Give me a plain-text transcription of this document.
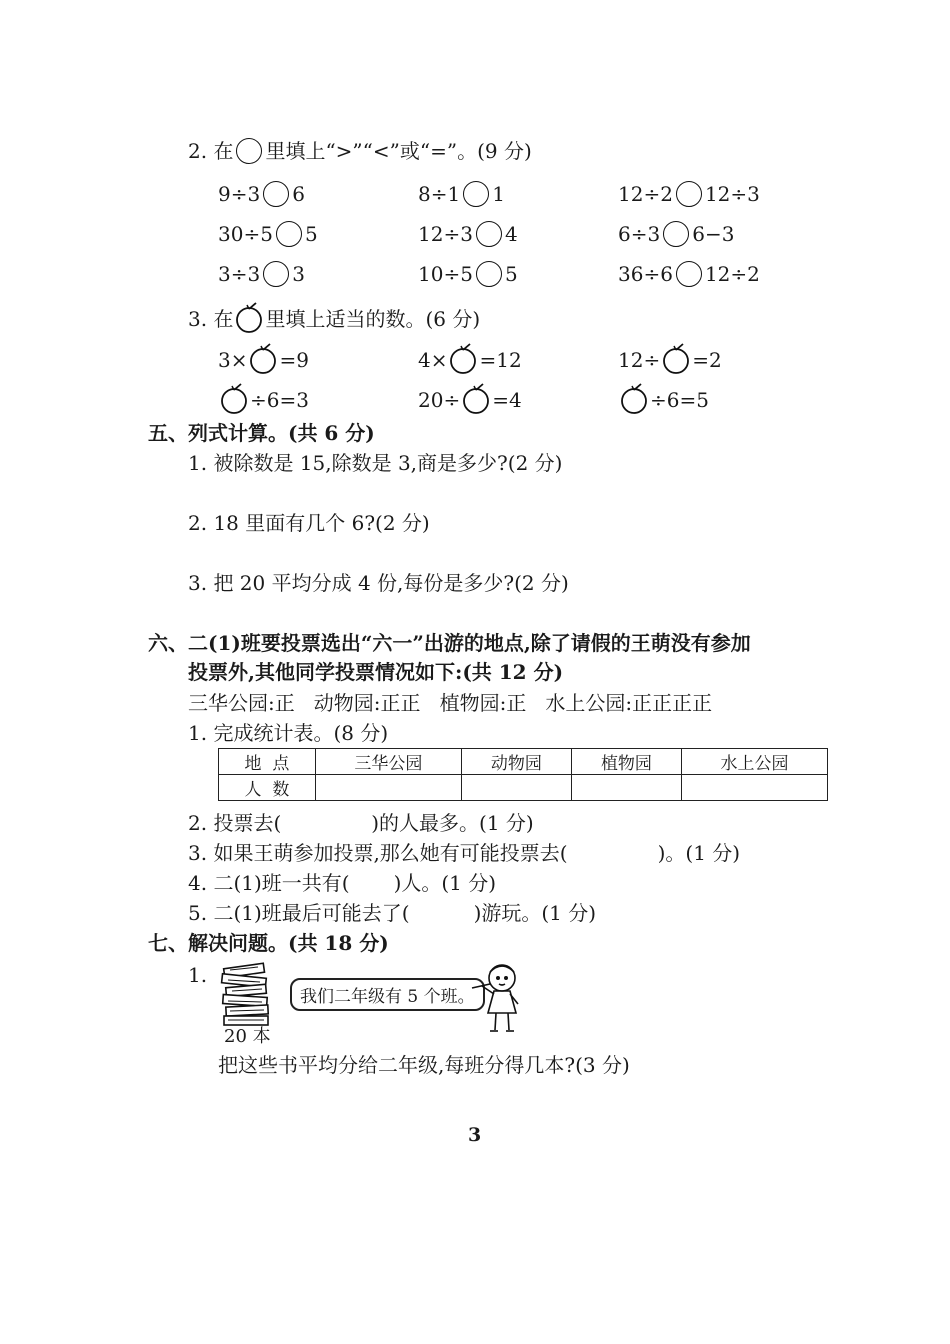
2. 在 里填上“>”“<”或“=”。(9 分)
9÷3 6	8÷1 1	12÷2 12÷3
30÷5 5	12÷3 4	6÷3 6−3
3÷3 3	10÷5 5	36÷6 12÷2
3. 在 里填上适当的数。(6 分)
3× =9	4× =12	12÷ =2
÷6=3	20÷ =4	÷6=5
五、列式计算。(共 6 分)
1. 被除数是 15,除数是 3,商是多少?(2 分)
2. 18 里面有几个 6?(2 分)
3. 把 20 平均分成 4 份,每份是多少?(2 分)
六、二(1)班要投票选出“六一”出游的地点,除了请假的王萌没有参加
投票外,其他同学投票情况如下:(共 12 分)
三华公园:正   动物园:正正   植物园:正   水上公园:正正正正
1. 完成统计表。(8 分)
地  点	三华公园	动物园	植物园	水上公园
人  数				
2. 投票去(	)的人最多。(1 分)
3. 如果王萌参加投票,那么她有可能投票去(	)。(1 分)
4. 二(1)班一共有( )人。(1 分)
5. 二(1)班最后可能去了(	)游玩。(1 分)
七、解决问题。(共 18 分)
1.
20 本
我们二年级有 5 个班。
把这些书平均分给二年级,每班分得几本?(3 分)
3
